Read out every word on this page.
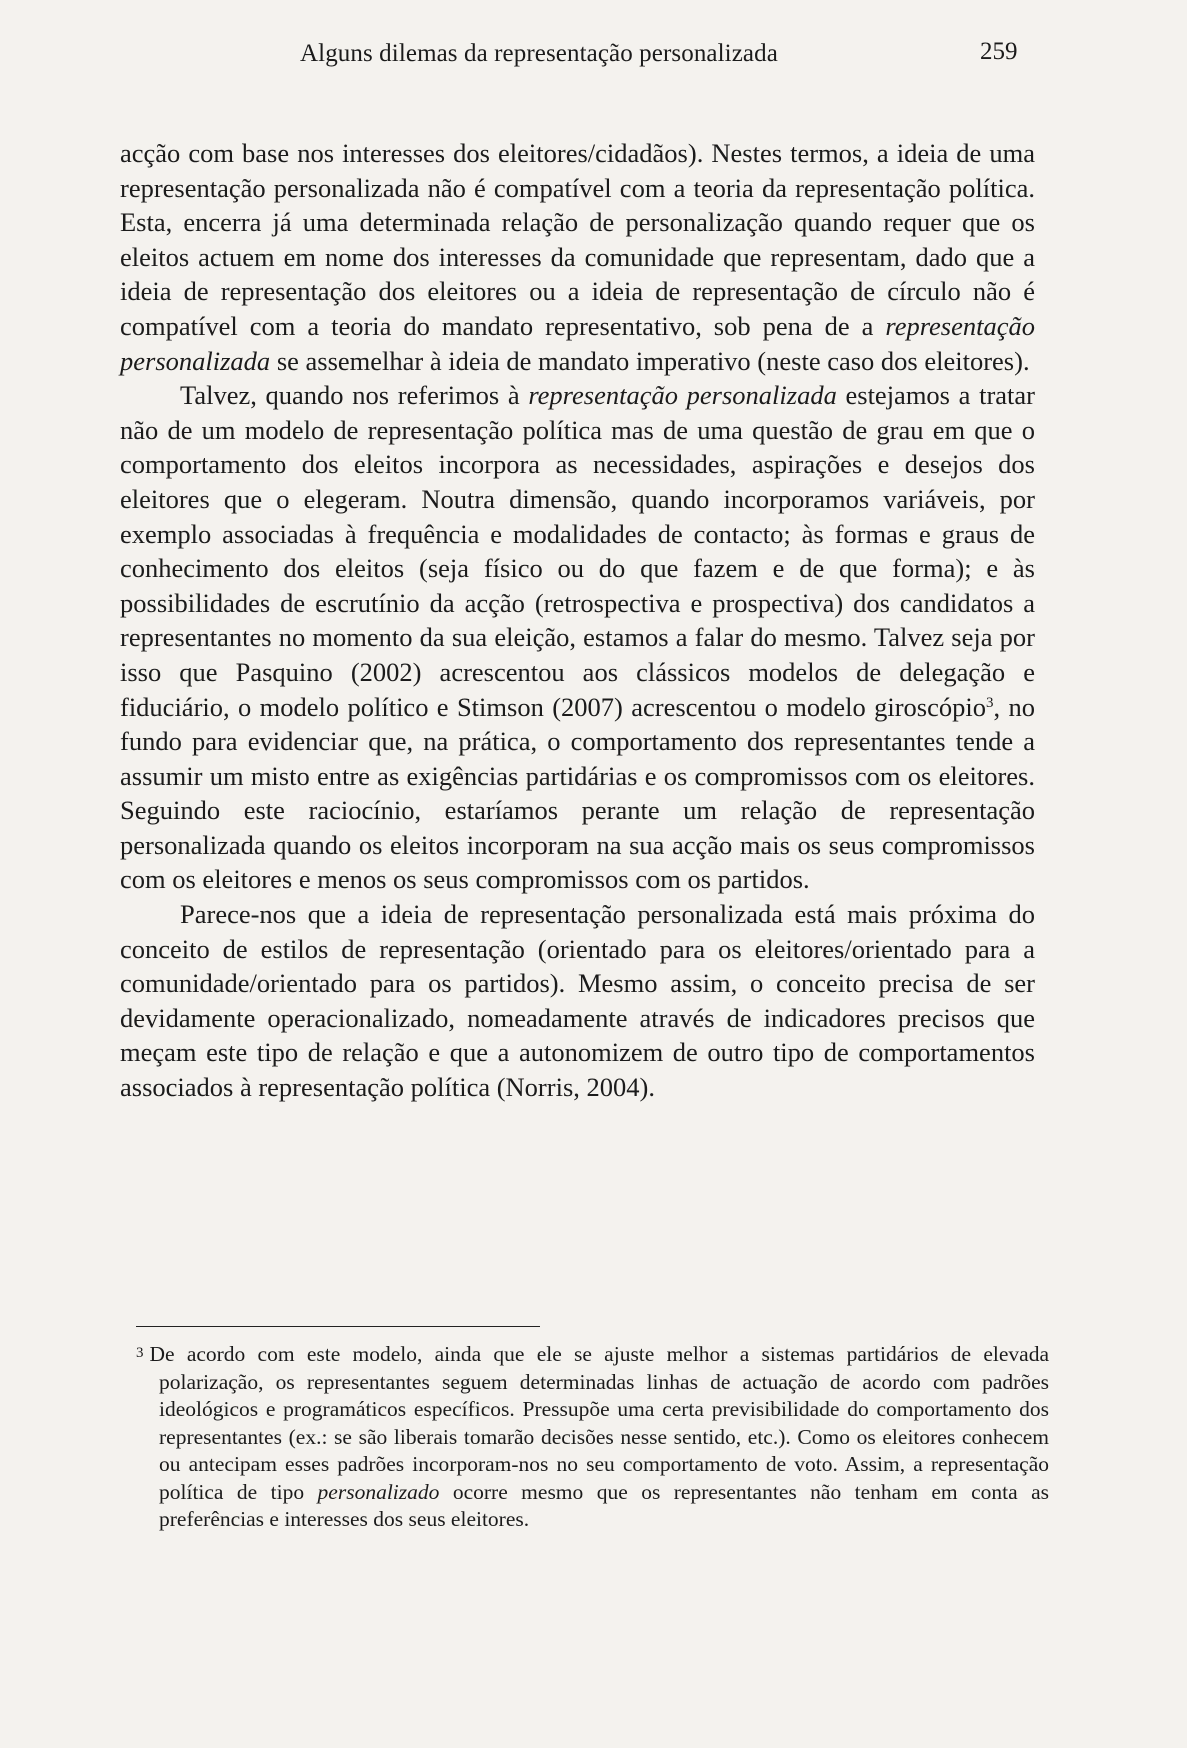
Alguns dilemas da representação personalizada	259

acção com base nos interesses dos eleitores/cidadãos). Nestes termos, a ideia de uma representação personalizada não é compatível com a teoria da representação política. Esta, encerra já uma determinada relação de personalização quando requer que os eleitos actuem em nome dos interesses da comunidade que representam, dado que a ideia de representação dos eleitores ou a ideia de representação de círculo não é compatível com a teoria do mandato representativo, sob pena de a representação personalizada se assemelhar à ideia de mandato imperativo (neste caso dos eleitores).

Talvez, quando nos referimos à representação personalizada estejamos a tratar não de um modelo de representação política mas de uma questão de grau em que o comportamento dos eleitos incorpora as necessidades, aspirações e desejos dos eleitores que o elegeram. Noutra dimensão, quando incorporamos variáveis, por exemplo associadas à frequência e modalidades de contacto; às formas e graus de conhecimento dos eleitos (seja físico ou do que fazem e de que forma); e às possibilidades de escrutínio da acção (retrospectiva e prospectiva) dos candidatos a representantes no momento da sua eleição, estamos a falar do mesmo. Talvez seja por isso que Pasquino (2002) acrescentou aos clássicos modelos de delegação e fiduciário, o modelo político e Stimson (2007) acrescentou o modelo giroscópio$^3$, no fundo para evidenciar que, na prática, o comportamento dos representantes tende a assumir um misto entre as exigências partidárias e os compromissos com os eleitores. Seguindo este raciocínio, estaríamos perante um relação de representação personalizada quando os eleitos incorporam na sua acção mais os seus compromissos com os eleitores e menos os seus compromissos com os partidos.

Parece-nos que a ideia de representação personalizada está mais próxima do conceito de estilos de representação (orientado para os eleitores/orientado para a comunidade/orientado para os partidos). Mesmo assim, o conceito precisa de ser devidamente operacionalizado, nomeadamente através de indicadores precisos que meçam este tipo de relação e que a autonomizem de outro tipo de comportamentos associados à representação política (Norris, 2004).

3 De acordo com este modelo, ainda que ele se ajuste melhor a sistemas partidários de elevada polarização, os representantes seguem determinadas linhas de actuação de acordo com padrões ideológicos e programáticos específicos. Pressupõe uma certa previsibilidade do comportamento dos representantes (ex.: se são liberais tomarão decisões nesse sentido, etc.). Como os eleitores conhecem ou antecipam esses padrões incorporam-nos no seu comportamento de voto. Assim, a representação política de tipo personalizado ocorre mesmo que os representantes não tenham em conta as preferências e interesses dos seus eleitores.
